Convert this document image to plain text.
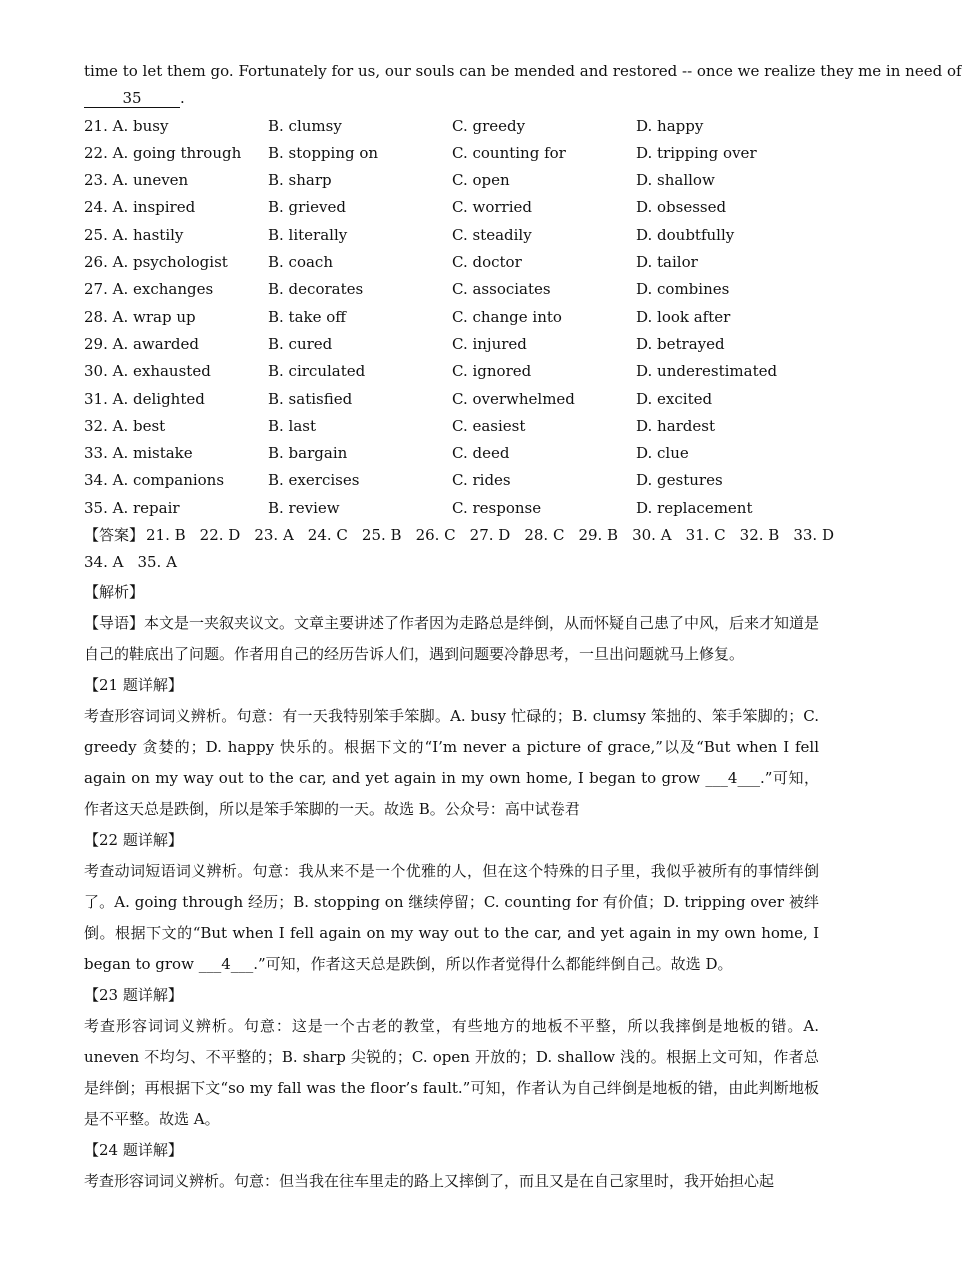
time to let them go. Fortunately for us, our souls can be mended and restored -- once we realize they me in need of
35	.
21. A. busy	B. clumsy	C. greedy	D. happy
22. A. going through	B. stopping on	C. counting for	D. tripping over
23. A. uneven	B. sharp	C. open	D. shallow
24. A. inspired	B. grieved	C. worried	D. obsessed
25. A. hastily	B. literally	C. steadily	D. doubtfully
26. A. psychologist	B. coach	C. doctor	D. tailor
27. A. exchanges	B. decorates	C. associates	D. combines
28. A. wrap up	B. take off	C. change into	D. look after
29. A. awarded	B. cured	C. injured	D. betrayed
30. A. exhausted	B. circulated	C. ignored	D. underestimated
31. A. delighted	B. satisfied	C. overwhelmed	D. excited
32. A. best	B. last	C. easiest	D. hardest
33. A. mistake	B. bargain	C. deed	D. clue
34. A. companions	B. exercises	C. rides	D. gestures
35. A. repair	B. review	C. response	D. replacement
【答案】 21. B 22. D 23. A 24. C 25. B 26. C 27. D 28. C 29. B 30. A 31. C 32. B 33. D
34. A 35. A
【解析】
【导语】本文是一夹叙夹议文。文章主要讲述了作者因为走路总是绊倒，从而怀疑自己患了中风，后来才知道是自己的鞋底出了问题。作者用自己的经历告诉人们，遇到问题要冷静思考，一旦出问题就马上修复。
【21 题详解】
考查形容词词义辨析。句意：有一天我特别笨手笨脚。A. busy 忙碌的；B. clumsy 笨拙的、笨手笨脚的；C. greedy 贪婪的；D. happy 快乐的。根据下文的“I’m never a picture of grace,”以及“But when I fell again on my way out to the car, and yet again in my own home, I began to grow ___4___.”可知，作者这天总是跌倒，所以是笨手笨脚的一天。故选 B。公众号：高中试卷君
【22 题详解】
考查动词短语词义辨析。句意：我从来不是一个优雅的人，但在这个特殊的日子里，我似乎被所有的事情绊倒了。A. going through 经历；B. stopping on 继续停留；C. counting for 有价值；D. tripping over 被绊倒。根据下文的“But when I fell again on my way out to the car, and yet again in my own home, I began to grow ___4___.”可知，作者这天总是跌倒，所以作者觉得什么都能绊倒自己。故选 D。
【23 题详解】
考查形容词词义辨析。句意：这是一个古老的教堂，有些地方的地板不平整，所以我摔倒是地板的错。A. uneven 不均匀、不平整的；B. sharp 尖锐的；C. open 开放的；D. shallow 浅的。根据上文可知，作者总是绊倒；再根据下文“so my fall was the floor’s fault.”可知，作者认为自己绊倒是地板的错，由此判断地板是不平整。故选 A。
【24 题详解】
考查形容词词义辨析。句意：但当我在往车里走的路上又摔倒了，而且又是在自己家里时，我开始担心起
